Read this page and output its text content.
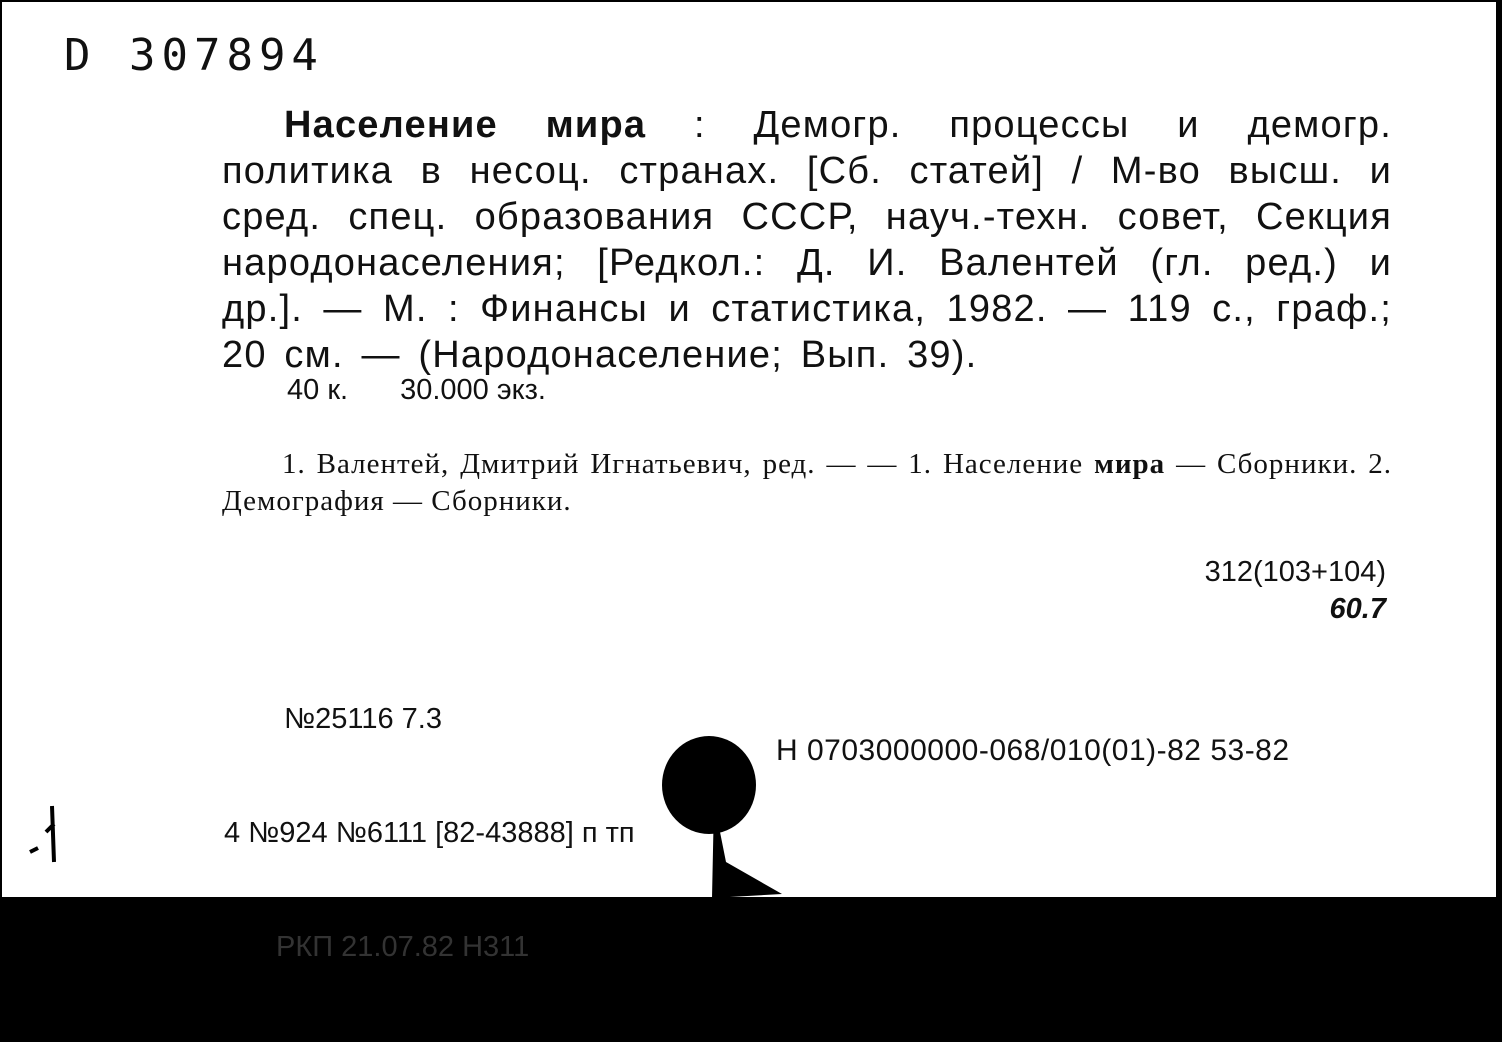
D 307894
Население мира : Демогр. процессы и демогр. политика в несоц. странах. [Сб. статей] / М-во высш. и сред. спец. образования СССР, науч.-техн. совет, Секция народонаселения; [Редкол.: Д. И. Валентей (гл. ред.) и др.]. — М. : Финансы и статистика, 1982. — 119 с., граф.; 20 см. — (Народонаселение; Вып. 39).
40 к. 30.000 экз.
1. Валентей, Дмитрий Игнатьевич, ред. — — 1. Население мира — Сборники. 2. Демография — Сборники.
312(103+104)
60.7

№25116 7.3

4 №924 №6111 [82-43888] п тп

РКП 21.07.82 Н311

Н 0703000000-068/010(01)-82 53-82
